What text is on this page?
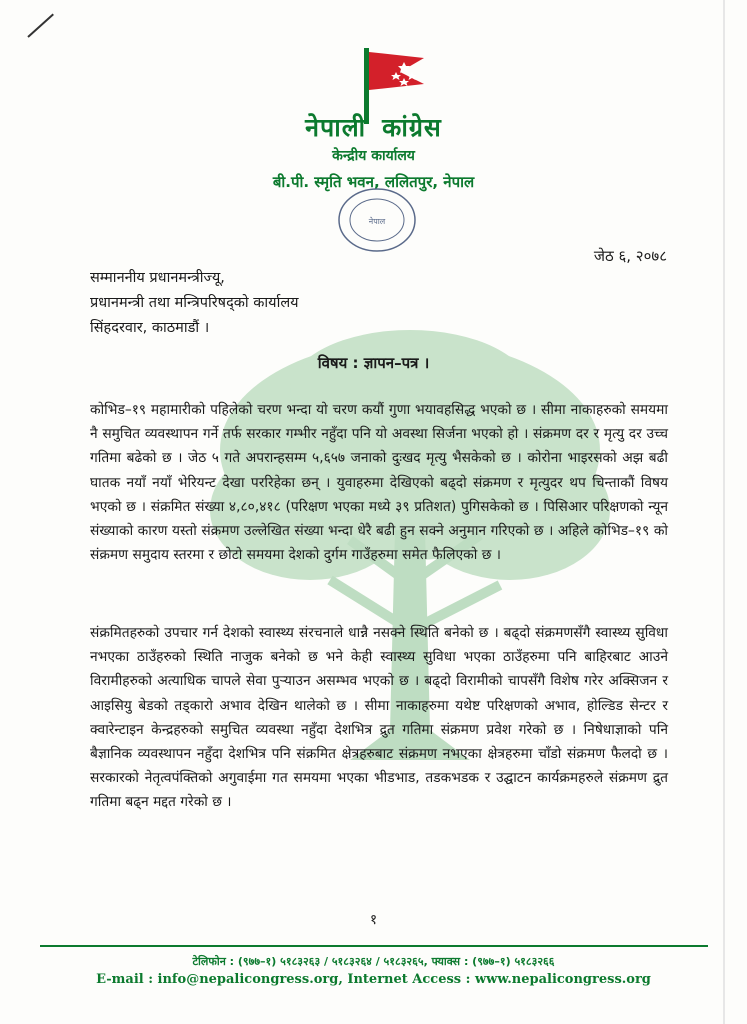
नेपाली कांग्रेस
केन्द्रीय कार्यालय
बी.पी. स्मृति भवन, ललितपुर, नेपाल
नेपाल
जेठ ६, २०७८
सम्माननीय प्रधानमन्त्रीज्यू,
प्रधानमन्त्री तथा मन्त्रिपरिषद्को कार्यालय
सिंहदरवार, काठमाडौं ।
विषय : ज्ञापन–पत्र ।
कोभिड–१९ महामारीको पहिलेको चरण भन्दा यो चरण कयौं गुणा भयावहसिद्ध भएको छ । सीमा नाकाहरुको समयमा नै समुचित व्यवस्थापन गर्ने तर्फ सरकार गम्भीर नहुँदा पनि यो अवस्था सिर्जना भएको हो । संक्रमण दर र मृत्यु दर उच्च गतिमा बढेको छ । जेठ ५ गते अपरान्हसम्म ५,६५७ जनाको दुःखद मृत्यु भैसकेको छ । कोरोना भाइरसको अझ बढी घातक नयाँ नयाँ भेरियन्ट देखा पररिहेका छन् । युवाहरुमा देखिएको बढ्दो संक्रमण र मृत्युदर थप चिन्ताकौं विषय भएको छ । संक्रमित संख्या ४,८०,४१८ (परिक्षण भएका मध्ये ३९ प्रतिशत) पुगिसकेको छ । पिसिआर परिक्षणको न्यून संख्याको कारण यस्तो संक्रमण उल्लेखित संख्या भन्दा धेरै बढी हुन सक्ने अनुमान गरिएको छ । अहिले कोभिड–१९ को संक्रमण समुदाय स्तरमा र छोटो समयमा देशको दुर्गम गाउँहरुमा समेत फैलिएको छ ।
संक्रमितहरुको उपचार गर्न देशको स्वास्थ्य संरचनाले धान्नै नसक्ने स्थिति बनेको छ । बढ्दो संक्रमणसँगै स्वास्थ्य सुविधा नभएका ठाउँहरुको स्थिति नाजुक बनेको छ भने केही स्वास्थ्य सुविधा भएका ठाउँहरुमा पनि बाहिरबाट आउने विरामीहरुको अत्याधिक चापले सेवा पुऱ्याउन असम्भव भएको छ । बढ्दो विरामीको चापसँगै विशेष गरेर अक्सिजन र आइसियु बेडको तड्कारो अभाव देखिन थालेको छ । सीमा नाकाहरुमा यथेष्ट परिक्षणको अभाव, होल्डिड सेन्टर र क्वारेन्टाइन केन्द्रहरुको समुचित व्यवस्था नहुँदा देशभित्र द्रुत गतिमा संक्रमण प्रवेश गरेको छ । निषेधाज्ञाको पनि बैज्ञानिक व्यवस्थापन नहुँदा देशभित्र पनि संक्रमित क्षेत्रहरुबाट संक्रमण नभएका क्षेत्रहरुमा चाँडो संक्रमण फैलदो छ । सरकारको नेतृत्वपंक्तिको अगुवाईमा गत समयमा भएका भीडभाड, तडकभडक र उद्घाटन कार्यक्रमहरुले संक्रमण द्रुत गतिमा बढ्न मद्दत गरेको छ ।
१
टेलिफोन : (९७७–१) ५१८३२६३ / ५१८३२६४ / ५१८३२६५, फ्याक्स : (९७७–१) ५१८३२६६
E-mail : info@nepalicongress.org, Internet Access : www.nepalicongress.org
